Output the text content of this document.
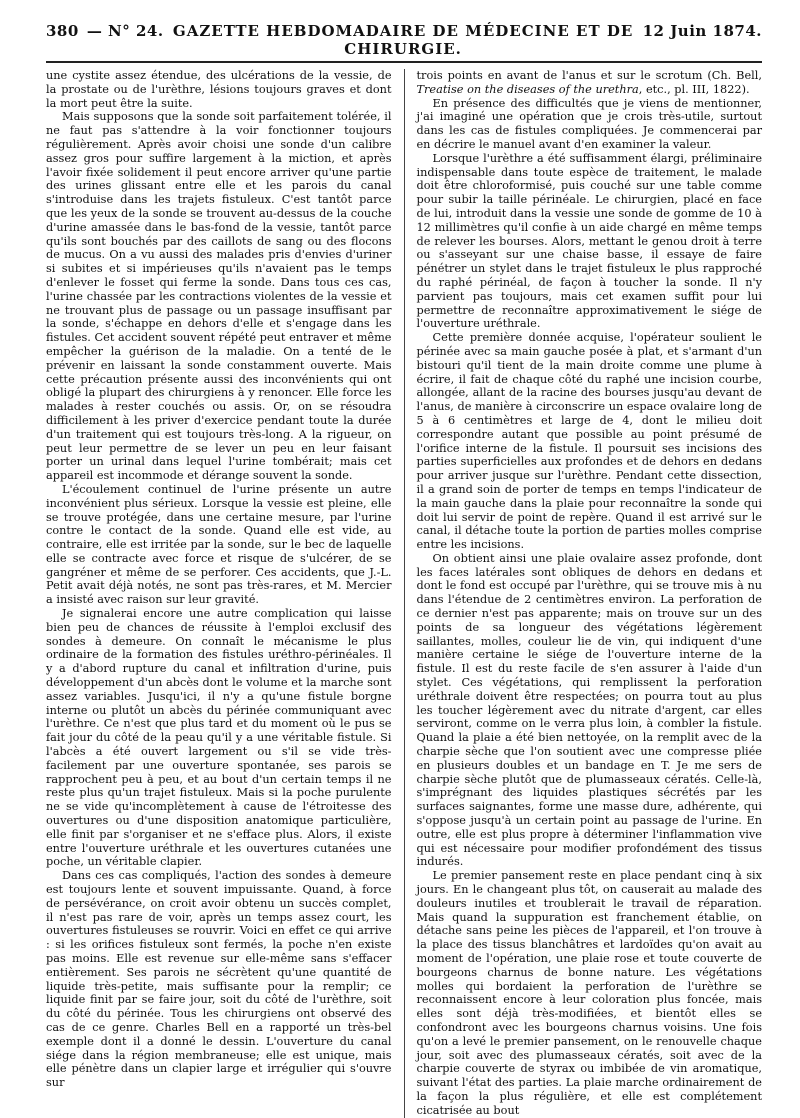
380 — N° 24. GAZETTE HEBDOMADAIRE DE MÉDECINE ET DE CHIRURGIE.
12 Juin 1874.

une cystite assez étendue, des ulcérations de la vessie, de la prostate ou de l'urèthre, lésions toujours graves et dont la mort peut être la suite.

Mais supposons que la sonde soit parfaitement tolérée, il ne faut pas s'attendre à la voir fonctionner toujours régulièrement. Après avoir choisi une sonde d'un calibre assez gros pour suffire largement à la miction, et après l'avoir fixée solidement il peut encore arriver qu'une partie des urines glissant entre elle et les parois du canal s'introduise dans les trajets fistuleux. C'est tantôt parce que les yeux de la sonde se trouvent au-dessus de la couche d'urine amassée dans le bas-fond de la vessie, tantôt parce qu'ils sont bouchés par des caillots de sang ou des flocons de mucus. On a vu aussi des malades pris d'envies d'uriner si subites et si impérieuses qu'ils n'avaient pas le temps d'enlever le fosset qui ferme la sonde. Dans tous ces cas, l'urine chassée par les contractions violentes de la vessie et ne trouvant plus de passage ou un passage insuffisant par la sonde, s'échappe en dehors d'elle et s'engage dans les fistules. Cet accident souvent répété peut entraver et même empêcher la guérison de la maladie. On a tenté de le prévenir en laissant la sonde constamment ouverte. Mais cette précaution présente aussi des inconvénients qui ont obligé la plupart des chirurgiens à y renoncer. Elle force les malades à rester couchés ou assis. Or, on se résoudra difficilement à les priver d'exercice pendant toute la durée d'un traitement qui est toujours très-long. A la rigueur, on peut leur permettre de se lever un peu en leur faisant porter un urinal dans lequel l'urine tombérait; mais cet appareil est incommode et dérange souvent la sonde.

L'écoulement continuel de l'urine présente un autre inconvénient plus sérieux. Lorsque la vessie est pleine, elle se trouve protégée, dans une certaine mesure, par l'urine contre le contact de la sonde. Quand elle est vide, au contraire, elle est irritée par la sonde, sur le bec de laquelle elle se contracte avec force et risque de s'ulcérer, de se gangréner et même de se perforer. Ces accidents, que J.-L. Petit avait déjà notés, ne sont pas très-rares, et M. Mercier a insisté avec raison sur leur gravité.

Je signalerai encore une autre complication qui laisse bien peu de chances de réussite à l'emploi exclusif des sondes à demeure. On connaît le mécanisme le plus ordinaire de la formation des fistules uréthro-périnéales. Il y a d'abord rupture du canal et infiltration d'urine, puis développement d'un abcès dont le volume et la marche sont assez variables. Jusqu'ici, il n'y a qu'une fistule borgne interne ou plutôt un abcès du périnée communiquant avec l'urèthre. Ce n'est que plus tard et du moment où le pus se fait jour du côté de la peau qu'il y a une véritable fistule. Si l'abcès a été ouvert largement ou s'il se vide très-facilement par une ouverture spontanée, ses parois se rapprochent peu à peu, et au bout d'un certain temps il ne reste plus qu'un trajet fistuleux. Mais si la poche purulente ne se vide qu'incomplètement à cause de l'étroitesse des ouvertures ou d'une disposition anatomique particulière, elle finit par s'organiser et ne s'efface plus. Alors, il existe entre l'ouverture uréthrale et les ouvertures cutanées une poche, un véritable clapier.

Dans ces cas compliqués, l'action des sondes à demeure est toujours lente et souvent impuissante. Quand, à force de persévérance, on croit avoir obtenu un succès complet, il n'est pas rare de voir, après un temps assez court, les ouvertures fistuleuses se rouvrir. Voici en effet ce qui arrive : si les orifices fistuleux sont fermés, la poche n'en existe pas moins. Elle est revenue sur elle-même sans s'effacer entièrement. Ses parois ne sécrètent qu'une quantité de liquide très-petite, mais suffisante pour la remplir; ce liquide finit par se faire jour, soit du côté de l'urèthre, soit du côté du périnée. Tous les chirurgiens ont observé des cas de ce genre. Charles Bell en a rapporté un très-bel exemple dont il a donné le dessin. L'ouverture du canal siége dans la région membraneuse; elle est unique, mais elle pénètre dans un clapier large et irrégulier qui s'ouvre sur

trois points en avant de l'anus et sur le scrotum (Ch. Bell, Treatise on the diseases of the urethra, etc., pl. III, 1822).

En présence des difficultés que je viens de mentionner, j'ai imaginé une opération que je crois très-utile, surtout dans les cas de fistules compliquées. Je commencerai par en décrire le manuel avant d'en examiner la valeur.

Lorsque l'urèthre a été suffisamment élargi, préliminaire indispensable dans toute espèce de traitement, le malade doit être chloroformisé, puis couché sur une table comme pour subir la taille périnéale. Le chirurgien, placé en face de lui, introduit dans la vessie une sonde de gomme de 10 à 12 millimètres qu'il confie à un aide chargé en même temps de relever les bourses. Alors, mettant le genou droit à terre ou s'asseyant sur une chaise basse, il essaye de faire pénétrer un stylet dans le trajet fistuleux le plus rapproché du raphé périnéal, de façon à toucher la sonde. Il n'y parvient pas toujours, mais cet examen suffit pour lui permettre de reconnaître approximativement le siége de l'ouverture uréthrale.

Cette première donnée acquise, l'opérateur soulient le périnée avec sa main gauche posée à plat, et s'armant d'un bistouri qu'il tient de la main droite comme une plume à écrire, il fait de chaque côté du raphé une incision courbe, allongée, allant de la racine des bourses jusqu'au devant de l'anus, de manière à circonscrire un espace ovalaire long de 5 à 6 centimètres et large de 4, dont le milieu doit correspondre autant que possible au point présumé de l'orifice interne de la fistule. Il poursuit ses incisions des parties superficielles aux profondes et de dehors en dedans pour arriver jusque sur l'urèthre. Pendant cette dissection, il a grand soin de porter de temps en temps l'indicateur de la main gauche dans la plaie pour reconnaître la sonde qui doit lui servir de point de repère. Quand il est arrivé sur le canal, il détache toute la portion de parties molles comprise entre les incisions.

On obtient ainsi une plaie ovalaire assez profonde, dont les faces latérales sont obliques de dehors en dedans et dont le fond est occupé par l'urèthre, qui se trouve mis à nu dans l'étendue de 2 centimètres environ. La perforation de ce dernier n'est pas apparente; mais on trouve sur un des points de sa longueur des végétations légèrement saillantes, molles, couleur lie de vin, qui indiquent d'une manière certaine le siége de l'ouverture interne de la fistule. Il est du reste facile de s'en assurer à l'aide d'un stylet. Ces végétations, qui remplissent la perforation uréthrale doivent être respectées; on pourra tout au plus les toucher légèrement avec du nitrate d'argent, car elles serviront, comme on le verra plus loin, à combler la fistule. Quand la plaie a été bien nettoyée, on la remplit avec de la charpie sèche que l'on soutient avec une compresse pliée en plusieurs doubles et un bandage en T. Je me sers de charpie sèche plutôt que de plumasseaux cératés. Celle-là, s'imprégnant des liquides plastiques sécrétés par les surfaces saignantes, forme une masse dure, adhérente, qui s'oppose jusqu'à un certain point au passage de l'urine. En outre, elle est plus propre à déterminer l'inflammation vive qui est nécessaire pour modifier profondément des tissus indurés.

Le premier pansement reste en place pendant cinq à six jours. En le changeant plus tôt, on causerait au malade des douleurs inutiles et troublerait le travail de réparation. Mais quand la suppuration est franchement établie, on détache sans peine les pièces de l'appareil, et l'on trouve à la place des tissus blanchâtres et lardoïdes qu'on avait au moment de l'opération, une plaie rose et toute couverte de bourgeons charnus de bonne nature. Les végétations molles qui bordaient la perforation de l'urèthre se reconnaissent encore à leur coloration plus foncée, mais elles sont déjà très-modifiées, et bientôt elles se confondront avec les bourgeons charnus voisins. Une fois qu'on a levé le premier pansement, on le renouvelle chaque jour, soit avec des plumasseaux cératés, soit avec de la charpie couverte de styrax ou imbibée de vin aromatique, suivant l'état des parties. La plaie marche ordinairement de la façon la plus régulière, et elle est complétement cicatrisée au bout
